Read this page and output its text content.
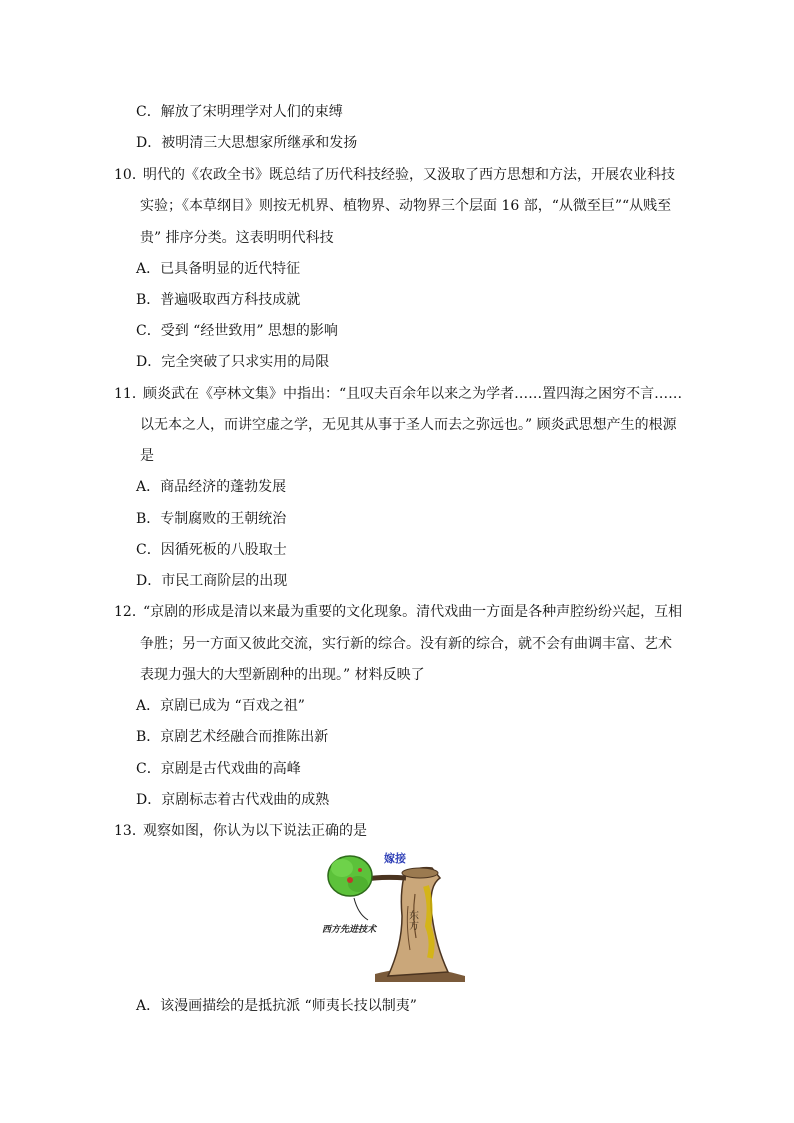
C．解放了宋明理学对人们的束缚
D．被明清三大思想家所继承和发扬
10．
明代的《农政全书》既总结了历代科技经验，又汲取了西方思想和方法，开展农业科技
实验；《本草纲目》则按无机界、植物界、动物界三个层面 16 部，“从微至巨”“从贱至
贵” 排序分类。这表明明代科技
A．已具备明显的近代特征
B．普遍吸取西方科技成就
C．受到 “经世致用” 思想的影响
D．完全突破了只求实用的局限
11．
顾炎武在《亭林文集》中指出：“且叹夫百余年以来之为学者……置四海之困穷不言……
以无本之人，而讲空虚之学，无见其从事于圣人而去之弥远也。” 顾炎武思想产生的根源
是
A．商品经济的蓬勃发展
B．专制腐败的王朝统治
C．因循死板的八股取士
D．市民工商阶层的出现
12．
“京剧的形成是清以来最为重要的文化现象。清代戏曲一方面是各种声腔纷纷兴起，互相
争胜；另一方面又彼此交流，实行新的综合。没有新的综合，就不会有曲调丰富、艺术
表现力强大的大型新剧种的出现。” 材料反映了
A．京剧已成为 “百戏之祖”
B．京剧艺术经融合而推陈出新
C．京剧是古代戏曲的高峰
D．京剧标志着古代戏曲的成熟
13．
观察如图，你认为以下说法正确的是
西方先进技术
嫁接
东方
A．该漫画描绘的是抵抗派 “师夷长技以制夷”
